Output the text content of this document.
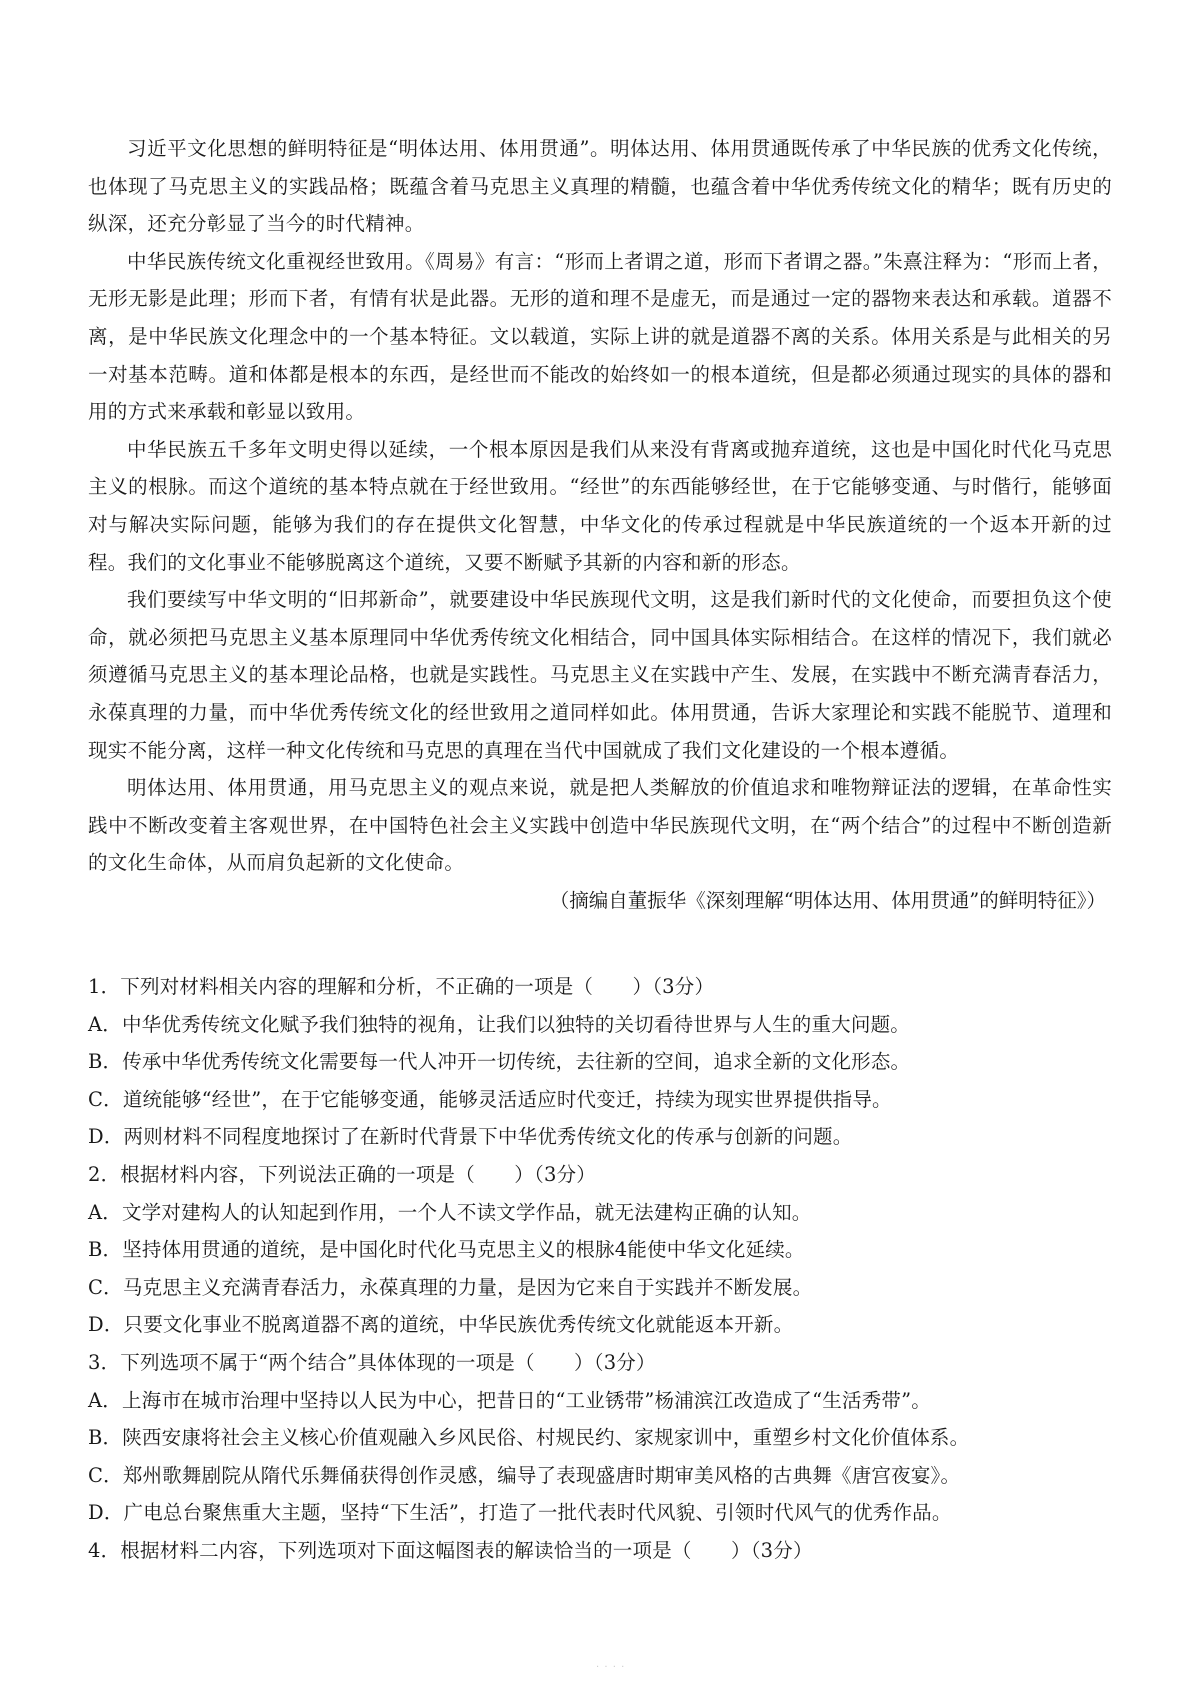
习近平文化思想的鲜明特征是“明体达用、体用贯通”。明体达用、体用贯通既传承了中华民族的优秀文化传统，也体现了马克思主义的实践品格；既蕴含着马克思主义真理的精髓，也蕴含着中华优秀传统文化的精华；既有历史的纵深，还充分彰显了当今的时代精神。

中华民族传统文化重视经世致用。《周易》有言：“形而上者谓之道，形而下者谓之器。”朱熹注释为：“形而上者，无形无影是此理；形而下者，有情有状是此器。无形的道和理不是虚无，而是通过一定的器物来表达和承载。道器不离，是中华民族文化理念中的一个基本特征。文以载道，实际上讲的就是道器不离的关系。体用关系是与此相关的另一对基本范畴。道和体都是根本的东西，是经世而不能改的始终如一的根本道统，但是都必须通过现实的具体的器和用的方式来承载和彰显以致用。

中华民族五千多年文明史得以延续，一个根本原因是我们从来没有背离或抛弃道统，这也是中国化时代化马克思主义的根脉。而这个道统的基本特点就在于经世致用。“经世”的东西能够经世，在于它能够变通、与时偕行，能够面对与解决实际问题，能够为我们的存在提供文化智慧，中华文化的传承过程就是中华民族道统的一个返本开新的过程。我们的文化事业不能够脱离这个道统，又要不断赋予其新的内容和新的形态。

我们要续写中华文明的“旧邦新命”，就要建设中华民族现代文明，这是我们新时代的文化使命，而要担负这个使命，就必须把马克思主义基本原理同中华优秀传统文化相结合，同中国具体实际相结合。在这样的情况下，我们就必须遵循马克思主义的基本理论品格，也就是实践性。马克思主义在实践中产生、发展，在实践中不断充满青春活力，永葆真理的力量，而中华优秀传统文化的经世致用之道同样如此。体用贯通，告诉大家理论和实践不能脱节、道理和现实不能分离，这样一种文化传统和马克思的真理在当代中国就成了我们文化建设的一个根本遵循。

明体达用、体用贯通，用马克思主义的观点来说，就是把人类解放的价值追求和唯物辩证法的逻辑，在革命性实践中不断改变着主客观世界，在中国特色社会主义实践中创造中华民族现代文明，在“两个结合”的过程中不断创造新的文化生命体，从而肩负起新的文化使命。

（摘编自董振华《深刻理解“明体达用、体用贯通”的鲜明特征》）

1．下列对材料相关内容的理解和分析，不正确的一项是（　　）（3分）

A．中华优秀传统文化赋予我们独特的视角，让我们以独特的关切看待世界与人生的重大问题。

B．传承中华优秀传统文化需要每一代人冲开一切传统，去往新的空间，追求全新的文化形态。

C．道统能够“经世”，在于它能够变通，能够灵活适应时代变迁，持续为现实世界提供指导。

D．两则材料不同程度地探讨了在新时代背景下中华优秀传统文化的传承与创新的问题。

2．根据材料内容，下列说法正确的一项是（　　）（3分）

A．文学对建构人的认知起到作用，一个人不读文学作品，就无法建构正确的认知。

B．坚持体用贯通的道统，是中国化时代化马克思主义的根脉4能使中华文化延续。

C．马克思主义充满青春活力，永葆真理的力量，是因为它来自于实践并不断发展。

D．只要文化事业不脱离道器不离的道统，中华民族优秀传统文化就能返本开新。

3．下列选项不属于“两个结合”具体体现的一项是（　　）（3分）

A．上海市在城市治理中坚持以人民为中心，把昔日的“工业锈带”杨浦滨江改造成了“生活秀带”。

B．陕西安康将社会主义核心价值观融入乡风民俗、村规民约、家规家训中，重塑乡村文化价值体系。

C．郑州歌舞剧院从隋代乐舞俑获得创作灵感，编导了表现盛唐时期审美风格的古典舞《唐宫夜宴》。

D．广电总台聚焦重大主题，坚持“下生活”，打造了一批代表时代风貌、引领时代风气的优秀作品。

4．根据材料二内容，下列选项对下面这幅图表的解读恰当的一项是（　　）（3分）

· · · ·
